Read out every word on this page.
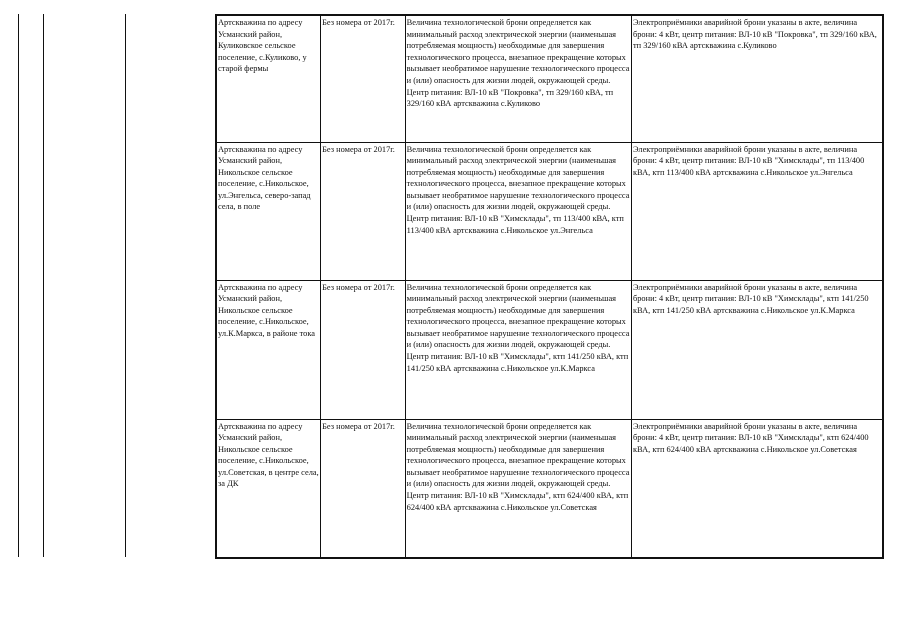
Артскважина по адресу Усманский район, Куликовское сельское поселение, с.Куликово, у старой фермы	Без номера от 2017г.	Величина технологической брони определяется как минимальный расход электрической энергии (наименьшая потребляемая мощность) необходимые для завершения технологического процесса, внезапное прекращение которых вызывает необратимое нарушение технологического процесса и (или) опасность для жизни людей, окружающей среды. Центр питания: ВЛ-10 кВ "Покровка", тп 329/160 кВА, тп 329/160 кВА артскважина с.Куликово	Электроприёмники аварийной брони указаны в акте, величина брони: 4 кВт, центр питания: ВЛ-10 кВ "Покровка", тп 329/160 кВА, тп 329/160 кВА артскважина с.Куликово
Артскважина по адресу Усманский район, Никольское сельское поселение, с.Никольское, ул.Энгельса, северо-запад села, в поле	Без номера от 2017г.	Величина технологической брони определяется как минимальный расход электрической энергии (наименьшая потребляемая мощность) необходимые для завершения технологического процесса, внезапное прекращение которых вызывает необратимое нарушение технологического процесса и (или) опасность для жизни людей, окружающей среды. Центр питания: ВЛ-10 кВ "Химсклады", тп 113/400 кВА, ктп 113/400 кВА артскважина с.Никольское ул.Энгельса	Электроприёмники аварийной брони указаны в акте, величина брони: 4 кВт, центр питания: ВЛ-10 кВ "Химсклады", тп 113/400 кВА, ктп 113/400 кВА артскважина с.Никольское ул.Энгельса
Артскважина по адресу Усманский район, Никольское сельское поселение, с.Никольское, ул.К.Маркса, в районе тока	Без номера от 2017г.	Величина технологической брони определяется как минимальный расход электрической энергии (наименьшая потребляемая мощность) необходимые для завершения технологического процесса, внезапное прекращение которых вызывает необратимое нарушение технологического процесса и (или) опасность для жизни людей, окружающей среды. Центр питания: ВЛ-10 кВ "Химсклады", ктп 141/250 кВА, ктп 141/250 кВА артскважина с.Никольское ул.К.Маркса	Электроприёмники аварийной брони указаны в акте, величина брони: 4 кВт, центр питания: ВЛ-10 кВ "Химсклады", ктп 141/250 кВА, ктп 141/250 кВА артскважина с.Никольское ул.К.Маркса
Артскважина по адресу Усманский район, Никольское сельское поселение, с.Никольское, ул.Советская, в центре села, за ДК	Без номера от 2017г.	Величина технологической брони определяется как минимальный расход электрической энергии (наименьшая потребляемая мощность) необходимые для завершения технологического процесса, внезапное прекращение которых вызывает необратимое нарушение технологического процесса и (или) опасность для жизни людей, окружающей среды. Центр питания: ВЛ-10 кВ "Химсклады", ктп 624/400 кВА, ктп 624/400 кВА артскважина с.Никольское ул.Советская	Электроприёмники аварийной брони указаны в акте, величина брони: 4 кВт, центр питания: ВЛ-10 кВ "Химсклады", ктп 624/400 кВА, ктп 624/400 кВА артскважина с.Никольское ул.Советская
